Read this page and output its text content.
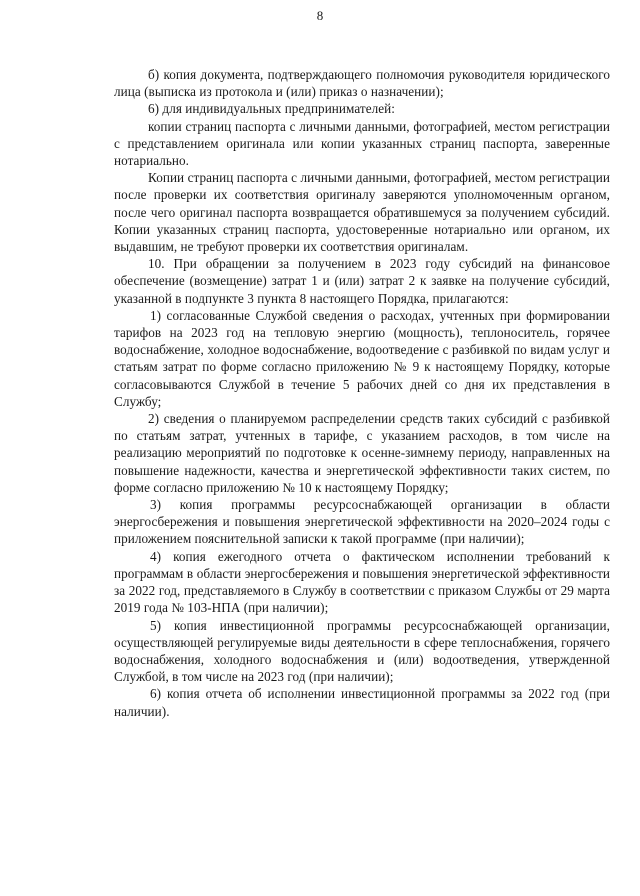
8

б) копия документа, подтверждающего полномочия руководителя юридического лица (выписка из протокола и (или) приказ о назначении);

6) для индивидуальных предпринимателей:

копии страниц паспорта с личными данными, фотографией, местом регистрации с представлением оригинала или копии указанных страниц паспорта, заверенные нотариально.

Копии страниц паспорта с личными данными, фотографией, местом регистрации после проверки их соответствия оригиналу заверяются уполномоченным органом, после чего оригинал паспорта возвращается обратившемуся за получением субсидий. Копии указанных страниц паспорта, удостоверенные нотариально или органом, их выдавшим, не требуют проверки их соответствия оригиналам.

10. При обращении за получением в 2023 году субсидий на финансовое обеспечение (возмещение) затрат 1 и (или) затрат 2 к заявке на получение субсидий, указанной в подпункте 3 пункта 8 настоящего Порядка, прилагаются:

1) согласованные Службой сведения о расходах, учтенных при формировании тарифов на 2023 год на тепловую энергию (мощность), теплоноситель, горячее водоснабжение, холодное водоснабжение, водоотведение с разбивкой по видам услуг и статьям затрат по форме согласно приложению № 9 к настоящему Порядку, которые согласовываются Службой в течение 5 рабочих дней со дня их представления в Службу;

2) сведения о планируемом распределении средств таких субсидий с разбивкой по статьям затрат, учтенных в тарифе, с указанием расходов, в том числе на реализацию мероприятий по подготовке к осенне-зимнему периоду, направленных на повышение надежности, качества и энергетической эффективности таких систем, по форме согласно приложению № 10 к настоящему Порядку;

3) копия программы ресурсоснабжающей организации в области энергосбережения и повышения энергетической эффективности на 2020–2024 годы с приложением пояснительной записки к такой программе (при наличии);

4) копия ежегодного отчета о фактическом исполнении требований к программам в области энергосбережения и повышения энергетической эффективности за 2022 год, представляемого в Службу в соответствии с приказом Службы от 29 марта 2019 года № 103-НПА (при наличии);

5) копия инвестиционной программы ресурсоснабжающей организации, осуществляющей регулируемые виды деятельности в сфере теплоснабжения, горячего водоснабжения, холодного водоснабжения и (или) водоотведения, утвержденной Службой, в том числе на 2023 год (при наличии);

6) копия отчета об исполнении инвестиционной программы за 2022 год (при наличии).
